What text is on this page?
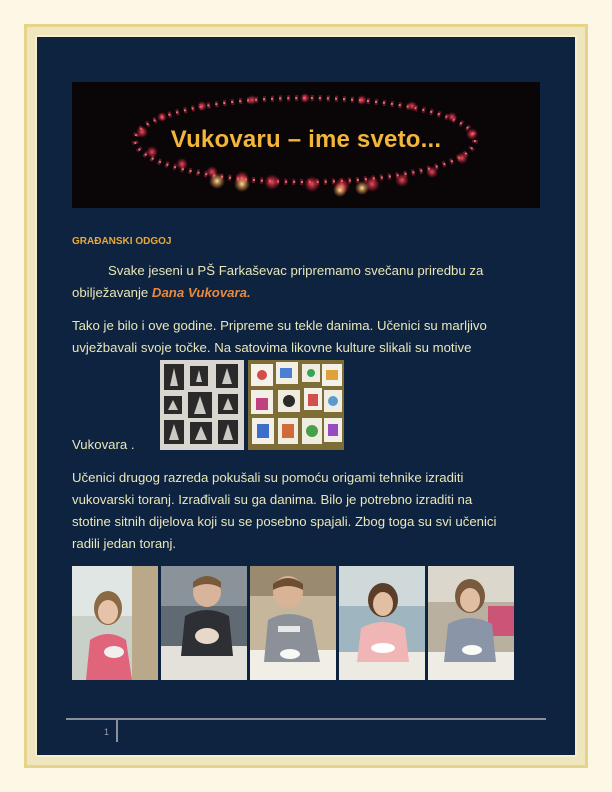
Vukovaru – ime sveto...
GRAĐANSKI ODGOJ
Svake jeseni u PŠ Farkaševac pripremamo svečanu priredbu za
obilježavanje Dana Vukovara.
Tako je bilo i ove godine. Pripreme su tekle danima. Učenici su marljivo
uvježbavali svoje točke. Na satovima likovne kulture slikali su motive
Vukovara .
Učenici drugog razreda pokušali su pomoću origami tehnike izraditi
vukovarski toranj. Izrađivali su ga danima. Bilo je potrebno izraditi na
stotine sitnih dijelova koji su se posebno spajali. Zbog toga su svi učenici
radili jedan toranj.
1
